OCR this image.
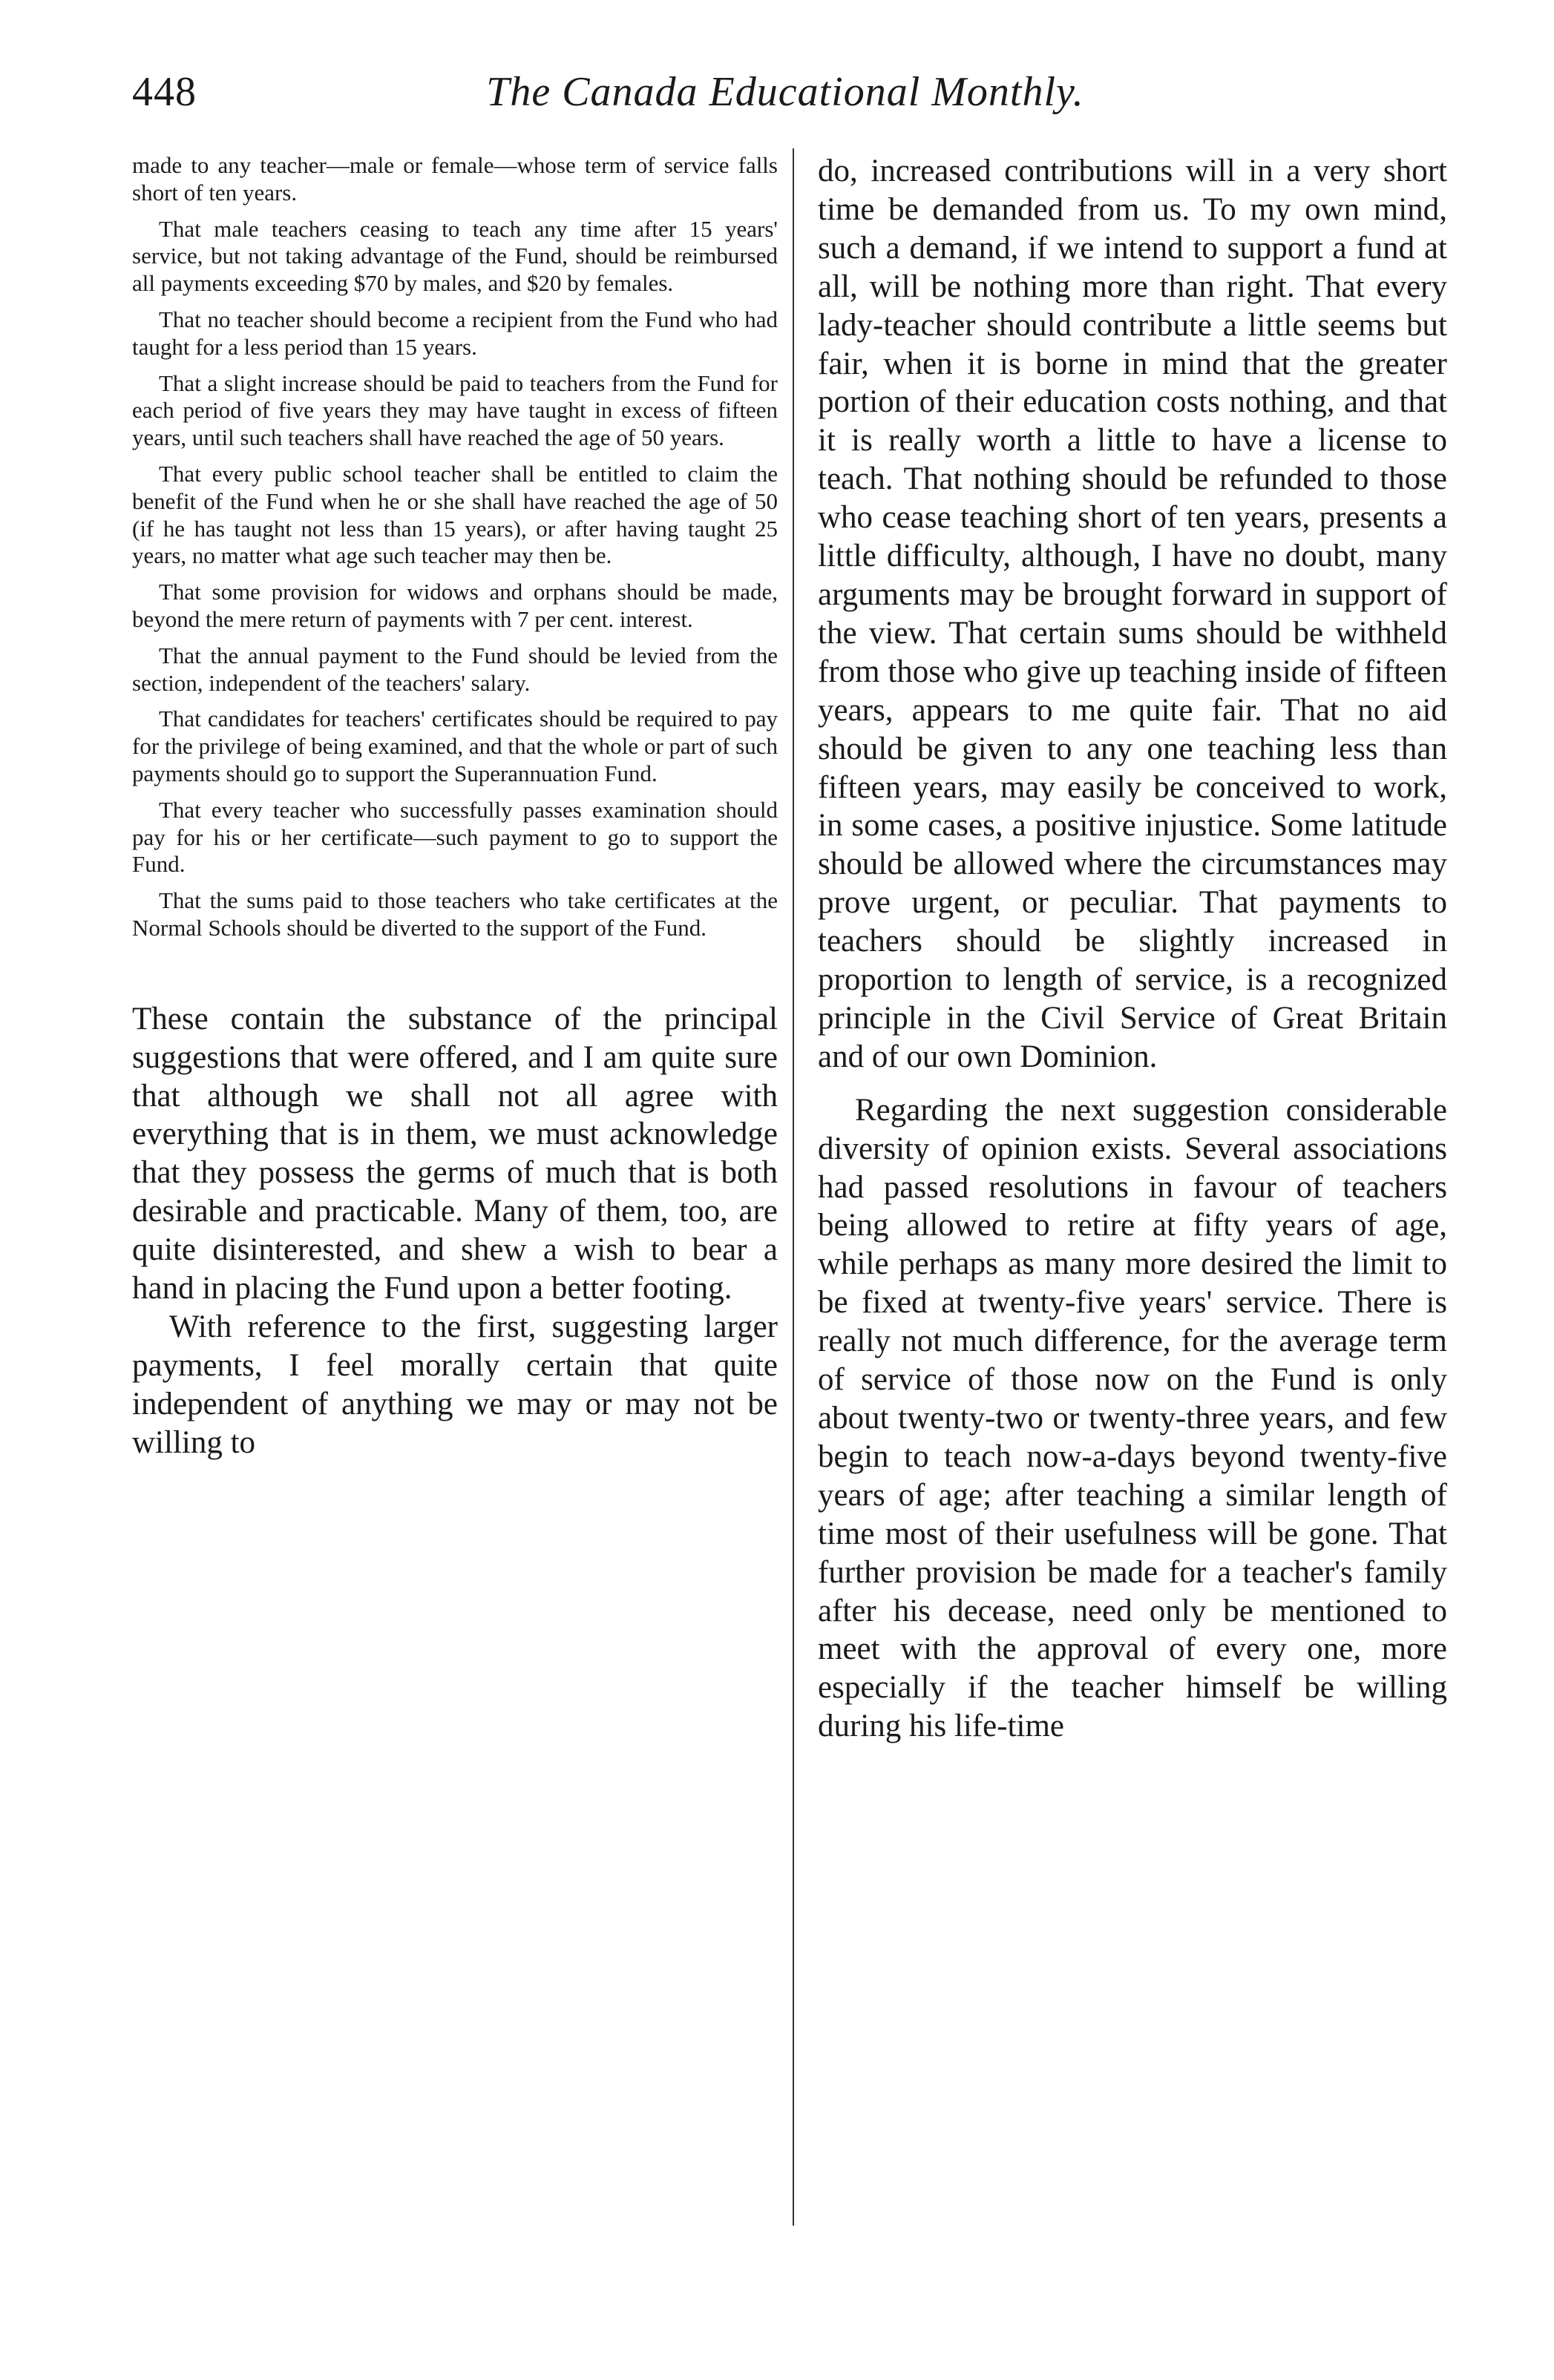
448	The Canada Educational Monthly.

made to any teacher—male or female—whose term of service falls short of ten years.

That male teachers ceasing to teach any time after 15 years' service, but not taking advantage of the Fund, should be reimbursed all payments exceeding $70 by males, and $20 by females.

That no teacher should become a recipient from the Fund who had taught for a less period than 15 years.

That a slight increase should be paid to teachers from the Fund for each period of five years they may have taught in excess of fifteen years, until such teachers shall have reached the age of 50 years.

That every public school teacher shall be entitled to claim the benefit of the Fund when he or she shall have reached the age of 50 (if he has taught not less than 15 years), or after having taught 25 years, no matter what age such teacher may then be.

That some provision for widows and orphans should be made, beyond the mere return of payments with 7 per cent. interest.

That the annual payment to the Fund should be levied from the section, independent of the teachers' salary.

That candidates for teachers' certificates should be required to pay for the privilege of being examined, and that the whole or part of such payments should go to support the Superannuation Fund.

That every teacher who successfully passes examination should pay for his or her certificate—such payment to go to support the Fund.

That the sums paid to those teachers who take certificates at the Normal Schools should be diverted to the support of the Fund.

These contain the substance of the principal suggestions that were offered, and I am quite sure that although we shall not all agree with everything that is in them, we must acknowledge that they possess the germs of much that is both desirable and practicable. Many of them, too, are quite disinterested, and shew a wish to bear a hand in placing the Fund upon a better footing.

With reference to the first, suggesting larger payments, I feel morally certain that quite independent of anything we may or may not be willing to

do, increased contributions will in a very short time be demanded from us. To my own mind, such a demand, if we intend to support a fund at all, will be nothing more than right. That every lady-teacher should contribute a little seems but fair, when it is borne in mind that the greater portion of their education costs nothing, and that it is really worth a little to have a license to teach. That nothing should be refunded to those who cease teaching short of ten years, presents a little difficulty, although, I have no doubt, many arguments may be brought forward in support of the view. That certain sums should be withheld from those who give up teaching inside of fifteen years, appears to me quite fair. That no aid should be given to any one teaching less than fifteen years, may easily be conceived to work, in some cases, a positive injustice. Some latitude should be allowed where the circumstances may prove urgent, or peculiar. That payments to teachers should be slightly increased in proportion to length of service, is a recognized principle in the Civil Service of Great Britain and of our own Dominion.

Regarding the next suggestion considerable diversity of opinion exists. Several associations had passed resolutions in favour of teachers being allowed to retire at fifty years of age, while perhaps as many more desired the limit to be fixed at twenty-five years' service. There is really not much difference, for the average term of service of those now on the Fund is only about twenty-two or twenty-three years, and few begin to teach now-a-days beyond twenty-five years of age; after teaching a similar length of time most of their usefulness will be gone. That further provision be made for a teacher's family after his decease, need only be mentioned to meet with the approval of every one, more especially if the teacher himself be willing during his life-time
